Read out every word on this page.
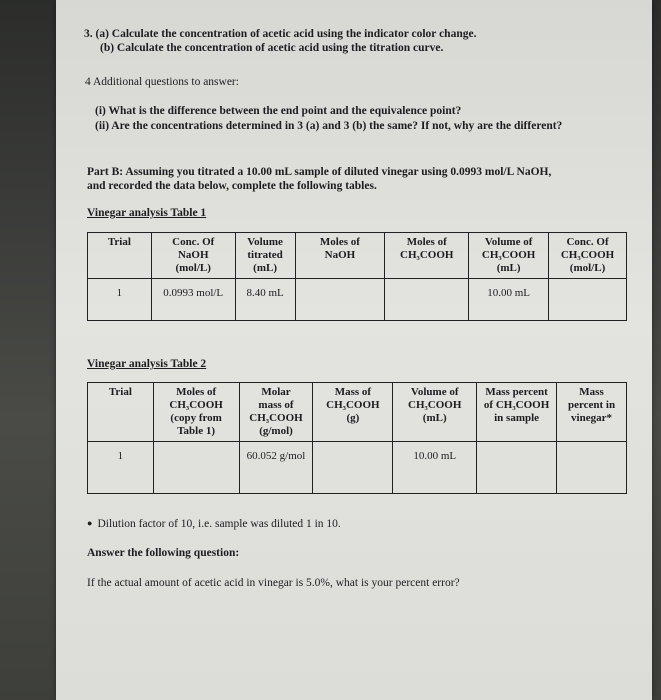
3. (a) Calculate the concentration of acetic acid using the indicator color change.
(b) Calculate the concentration of acetic acid using the titration curve.
4 Additional questions to answer:
(i) What is the difference between the end point and the equivalence point?
(ii) Are the concentrations determined in 3 (a) and 3 (b) the same? If not, why are the different?
Part B: Assuming you titrated a 10.00 mL sample of diluted vinegar using 0.0993 mol/L NaOH,
and recorded the data below, complete the following tables.
Vinegar analysis Table 1
Trial	Conc. Of
NaOH
(mol/L)	Volume
titrated
(mL)	Moles of
NaOH	Moles of
CH₃COOH	Volume of
CH₃COOH
(mL)	Conc. Of
CH₃COOH
(mol/L)

1	0.0993 mol/L	8.40 mL			10.00 mL	
Vinegar analysis Table 2
Trial	Moles of
CH₃COOH
(copy from
Table 1)	Molar
mass of
CH₃COOH
(g/mol)	Mass of
CH₃COOH
(g)	Volume of
CH₃COOH
(mL)	Mass percent
of CH₃COOH
in sample	Mass
percent in
vinegar*

1		60.052 g/mol		10.00 mL		
● Dilution factor of 10, i.e. sample was diluted 1 in 10.
Answer the following question:
If the actual amount of acetic acid in vinegar is 5.0%, what is your percent error?
